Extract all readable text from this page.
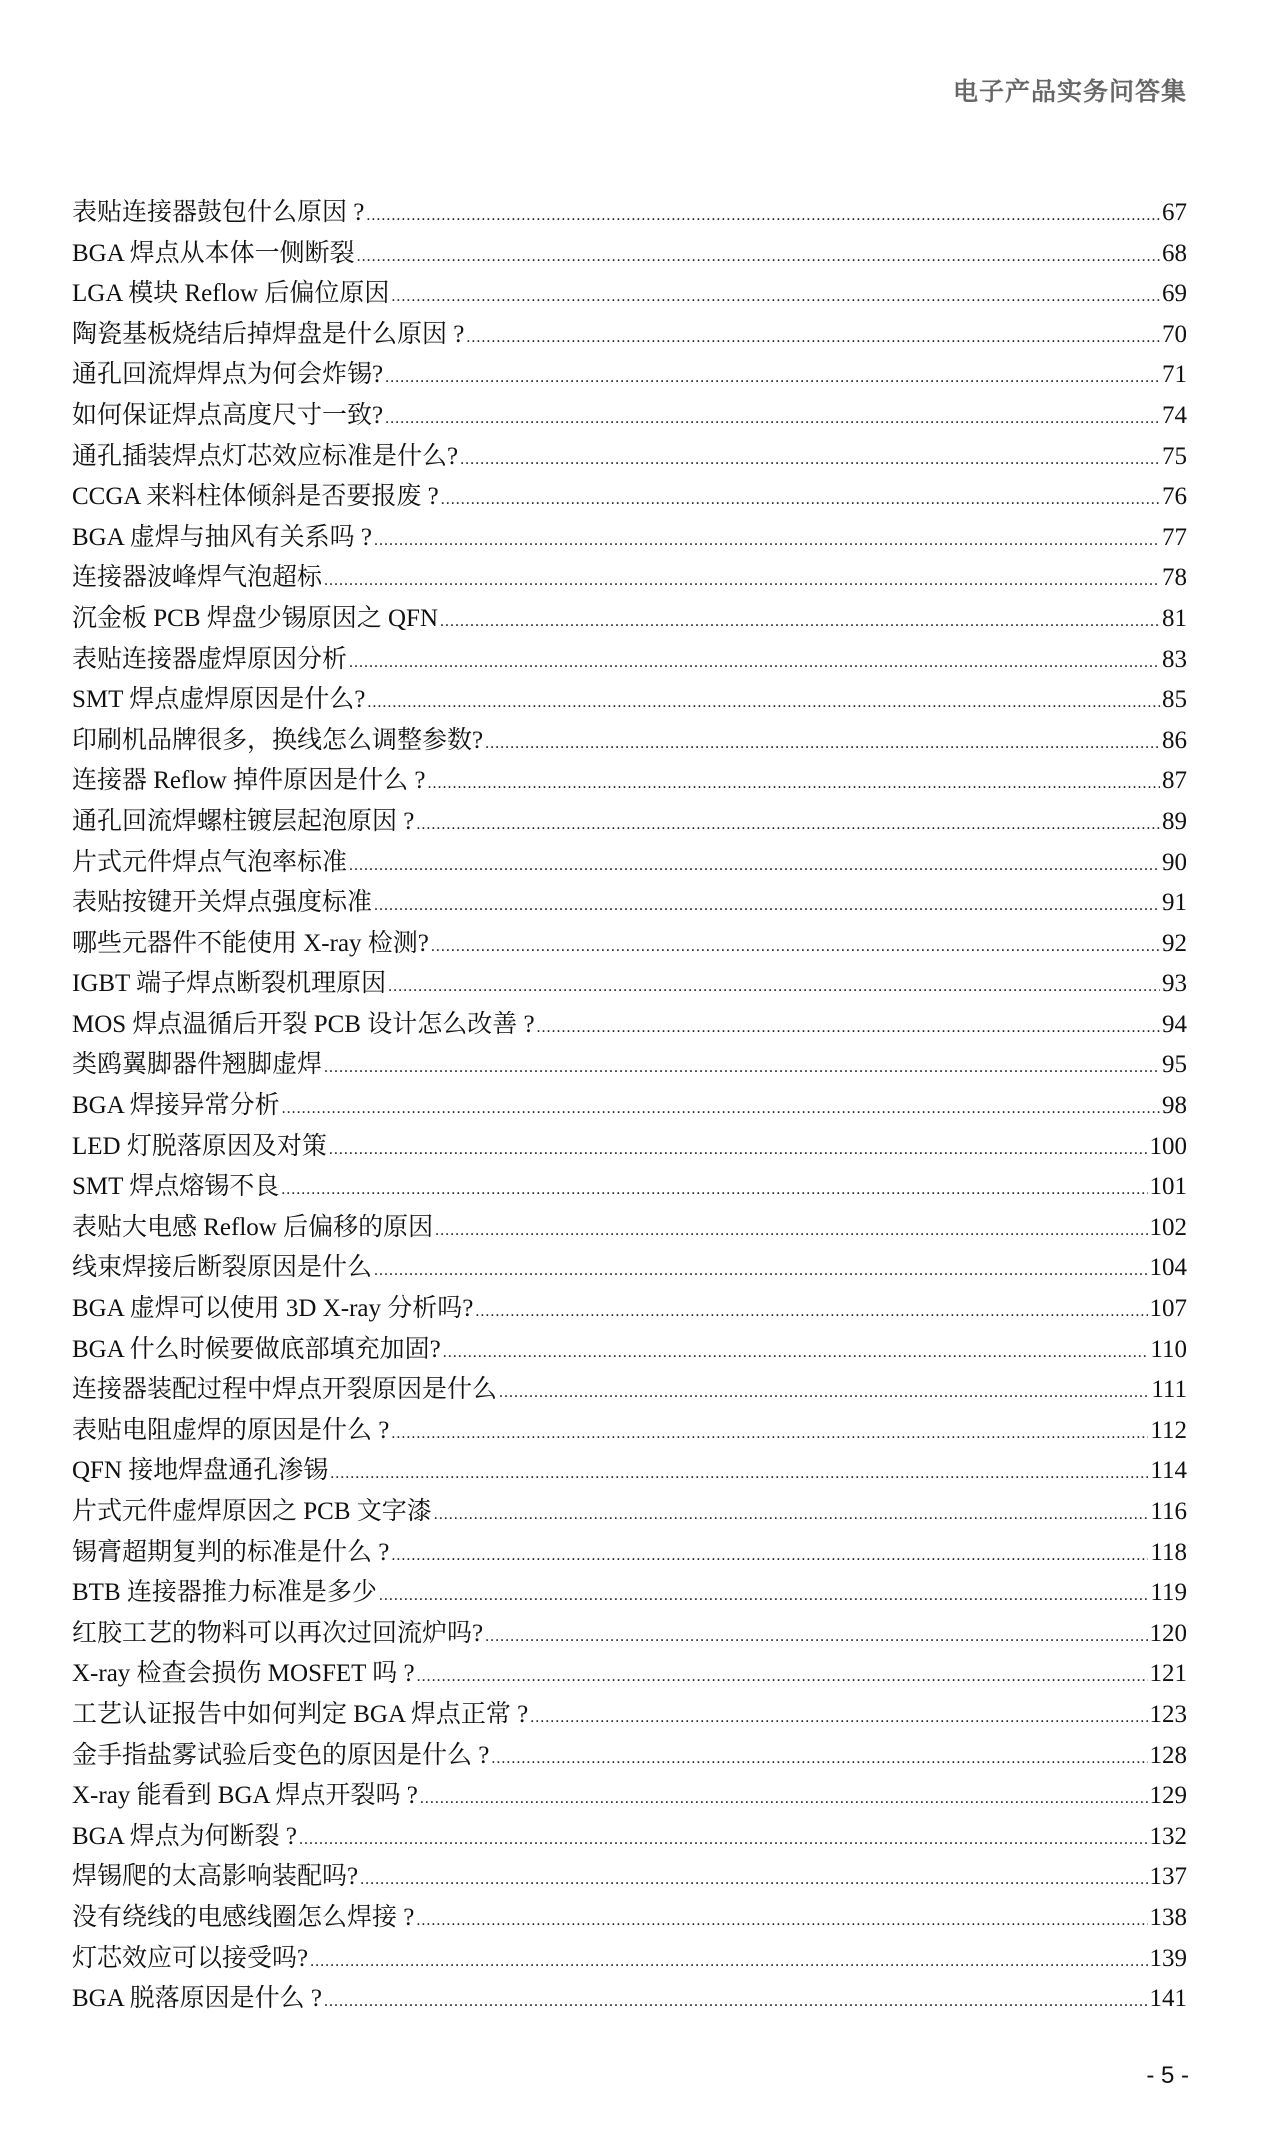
电子产品实务问答集
表贴连接器鼓包什么原因 ? .....	67
BGA 焊点从本体一侧断裂 .....	68
LGA 模块 Reflow 后偏位原因 .....	69
陶瓷基板烧结后掉焊盘是什么原因 ? .....	70
通孔回流焊焊点为何会炸锡? .....	71
如何保证焊点高度尺寸一致? .....	74
通孔插装焊点灯芯效应标准是什么? .....	75
CCGA 来料柱体倾斜是否要报废 ? .....	76
BGA 虚焊与抽风有关系吗 ? .....	77
连接器波峰焊气泡超标 .....	78
沉金板 PCB 焊盘少锡原因之 QFN .....	81
表贴连接器虚焊原因分析 .....	83
SMT 焊点虚焊原因是什么? .....	85
印刷机品牌很多，换线怎么调整参数? .....	86
连接器 Reflow 掉件原因是什么 ? .....	87
通孔回流焊螺柱镀层起泡原因 ? .....	89
片式元件焊点气泡率标准 .....	90
表贴按键开关焊点强度标准 .....	91
哪些元器件不能使用 X-ray 检测? .....	92
IGBT 端子焊点断裂机理原因 .....	93
MOS 焊点温循后开裂 PCB 设计怎么改善 ? .....	94
类鸥翼脚器件翘脚虚焊 .....	95
BGA 焊接异常分析 .....	98
LED 灯脱落原因及对策 .....	100
SMT 焊点熔锡不良 .....	101
表贴大电感 Reflow 后偏移的原因 .....	102
线束焊接后断裂原因是什么 .....	104
BGA 虚焊可以使用 3D X-ray 分析吗? .....	107
BGA 什么时候要做底部填充加固? .....	110
连接器装配过程中焊点开裂原因是什么 .....	111
表贴电阻虚焊的原因是什么 ? .....	112
QFN 接地焊盘通孔渗锡 .....	114
片式元件虚焊原因之 PCB 文字漆 .....	116
锡膏超期复判的标准是什么 ? .....	118
BTB 连接器推力标准是多少 .....	119
红胶工艺的物料可以再次过回流炉吗? .....	120
X-ray 检查会损伤 MOSFET 吗 ? .....	121
工艺认证报告中如何判定 BGA 焊点正常 ? .....	123
金手指盐雾试验后变色的原因是什么 ? .....	128
X-ray 能看到 BGA 焊点开裂吗 ? .....	129
BGA 焊点为何断裂 ? .....	132
焊锡爬的太高影响装配吗? .....	137
没有绕线的电感线圈怎么焊接 ? .....	138
灯芯效应可以接受吗? .....	139
BGA 脱落原因是什么 ? .....	141
- 5 -
